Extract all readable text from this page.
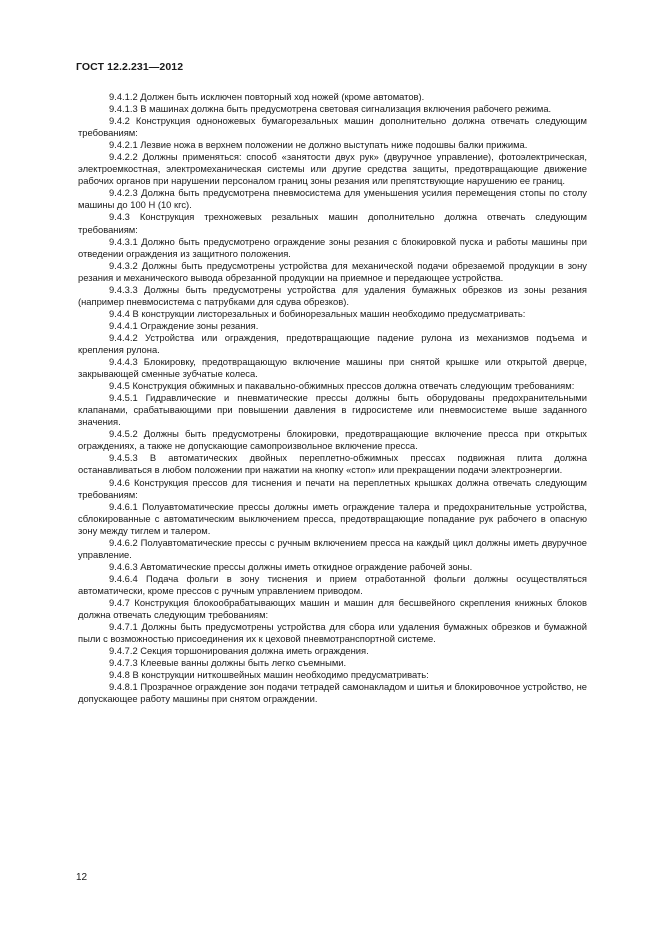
ГОСТ 12.2.231—2012

9.4.1.2 Должен быть исключен повторный ход ножей (кроме автоматов).

9.4.1.3 В машинах должна быть предусмотрена световая сигнализация включения рабочего режима.

9.4.2 Конструкция одноножевых бумагорезальных машин дополнительно должна отвечать следующим требованиям:

9.4.2.1 Лезвие ножа в верхнем положении не должно выступать ниже подошвы балки прижима.

9.4.2.2 Должны применяться: способ «занятости двух рук» (двуручное управление), фотоэлектрическая, электроемкостная, электромеханическая системы или другие средства защиты, предотвращающие движение рабочих органов при нарушении персоналом границ зоны резания или препятствующие нарушению ее границ.

9.4.2.3 Должна быть предусмотрена пневмосистема для уменьшения усилия перемещения стопы по столу машины до 100 Н (10 кгс).

9.4.3 Конструкция трехножевых резальных машин дополнительно должна отвечать следующим требованиям:

9.4.3.1 Должно быть предусмотрено ограждение зоны резания с блокировкой пуска и работы машины при отведении ограждения из защитного положения.

9.4.3.2 Должны быть предусмотрены устройства для механической подачи обрезаемой продукции в зону резания и механического вывода обрезанной продукции на приемное и передающее устройства.

9.4.3.3 Должны быть предусмотрены устройства для удаления бумажных обрезков из зоны резания (например пневмосистема с патрубками для сдува обрезков).

9.4.4 В конструкции листорезальных и бобинорезальных машин необходимо предусматривать:

9.4.4.1 Ограждение зоны резания.

9.4.4.2 Устройства или ограждения, предотвращающие падение рулона из механизмов подъема и крепления рулона.

9.4.4.3 Блокировку, предотвращающую включение машины при снятой крышке или открытой дверце, закрывающей сменные зубчатые колеса.

9.4.5 Конструкция обжимных и пакавально-обжимных прессов должна отвечать следующим требованиям:

9.4.5.1 Гидравлические и пневматические прессы должны быть оборудованы предохранительными клапанами, срабатывающими при повышении давления в гидросистеме или пневмосистеме выше заданного значения.

9.4.5.2 Должны быть предусмотрены блокировки, предотвращающие включение пресса при открытых ограждениях, а также не допускающие самопроизвольное включение пресса.

9.4.5.3 В автоматических двойных переплетно-обжимных прессах подвижная плита должна останавливаться в любом положении при нажатии на кнопку «стоп» или прекращении подачи электроэнергии.

9.4.6 Конструкция прессов для тиснения и печати на переплетных крышках должна отвечать следующим требованиям:

9.4.6.1 Полуавтоматические прессы должны иметь ограждение талера и предохранительные устройства, сблокированные с автоматическим выключением пресса, предотвращающие попадание рук рабочего в опасную зону между тиглем и талером.

9.4.6.2 Полуавтоматические прессы с ручным включением пресса на каждый цикл должны иметь двуручное управление.

9.4.6.3 Автоматические прессы должны иметь откидное ограждение рабочей зоны.

9.4.6.4 Подача фольги в зону тиснения и прием отработанной фольги должны осуществляться автоматически, кроме прессов с ручным управлением приводом.

9.4.7 Конструкция блокообрабатывающих машин и машин для бесшвейного скрепления книжных блоков должна отвечать следующим требованиям:

9.4.7.1 Должны быть предусмотрены устройства для сбора или удаления бумажных обрезков и бумажной пыли с возможностью присоединения их к цеховой пневмотранспортной системе.

9.4.7.2 Секция торшонирования должна иметь ограждения.

9.4.7.3 Клеевые ванны должны быть легко съемными.

9.4.8 В конструкции ниткошвейных машин необходимо предусматривать:

9.4.8.1 Прозрачное ограждение зон подачи тетрадей самонакладом и шитья и блокировочное устройство, не допускающее работу машины при снятом ограждении.

12
